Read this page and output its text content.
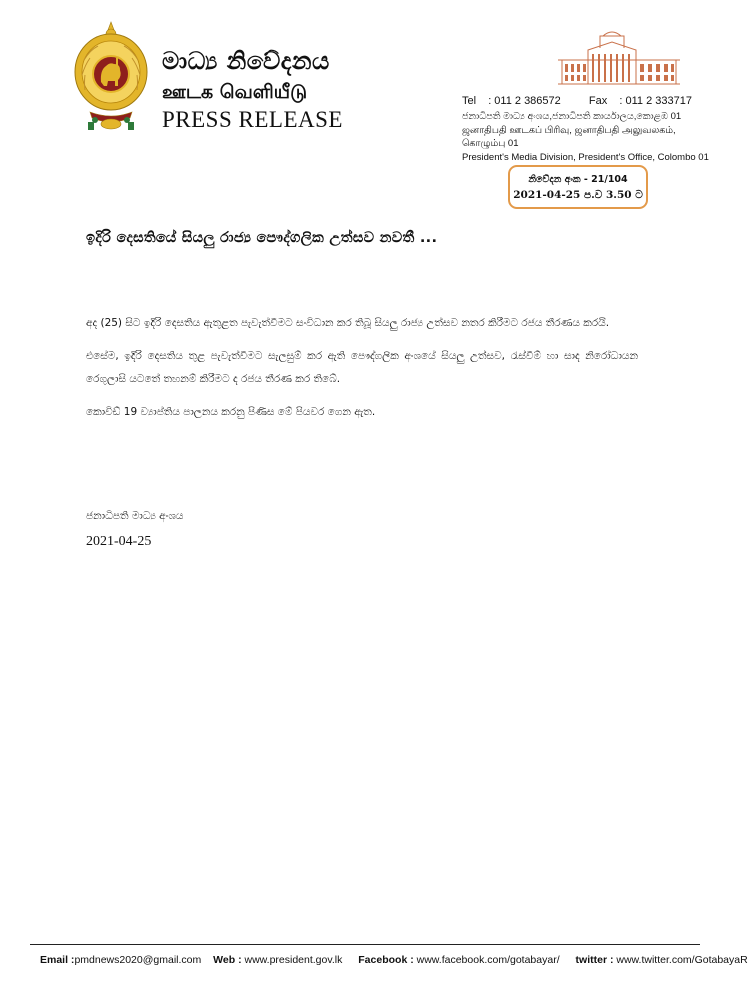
මාධ්‍ය නිවේදනය
ஊடக வெளியீடு
PRESS RELEASE
Tel : 011 2 386572	Fax : 011 2 333717
ජනාධිපති මාධ්‍ය අංශය,ජනාධිපති කාර්යාලය,කොළඹ 01
ஜனாதிபதி ஊடகப் பிரிவு, ஜனாதிபதி அலுவலகம், கொழும்பு 01
President's Media Division, President's Office, Colombo 01
නිවේදන අංක - 21/104
2021-04-25 ප.ව 3.50 ට
ඉදිරි දෙසතියේ සියලු රාජ්‍ය පෞද්ගලික උත්සව නවතී ...

අද (25) සිට ඉදිරි දෙසතිය ඇතුළත පැවැත්වීමට සංවිධාන කර තිබූ සියලු රාජ්‍ය උත්සව නතර කිරීමට රජය තීරණය කරයි.

එසේම, ඉදිරි දෙසතිය තුළ පැවැත්වීමට සැලසුම් කර ඇති පෞද්ගලික අංශයේ සියලු උත්සව, රැස්වීම් හා සාද නිරෝධායන රෙගුලාසි යටතේ තහනම් කිරීමට ද රජය තීරණ කර තිබේ.

කොවිඩ් 19 ව්‍යාප්තිය පාලනය කරනු පිණිස මේ පියවර ගෙන ඇත.

ජනාධිපති මාධ්‍ය අංශය
2021-04-25
Email :pmdnews2020@gmail.com Web : www.president.gov.lk Facebook : www.facebook.com/gotabayar/ twitter : www.twitter.com/GotabayaR
